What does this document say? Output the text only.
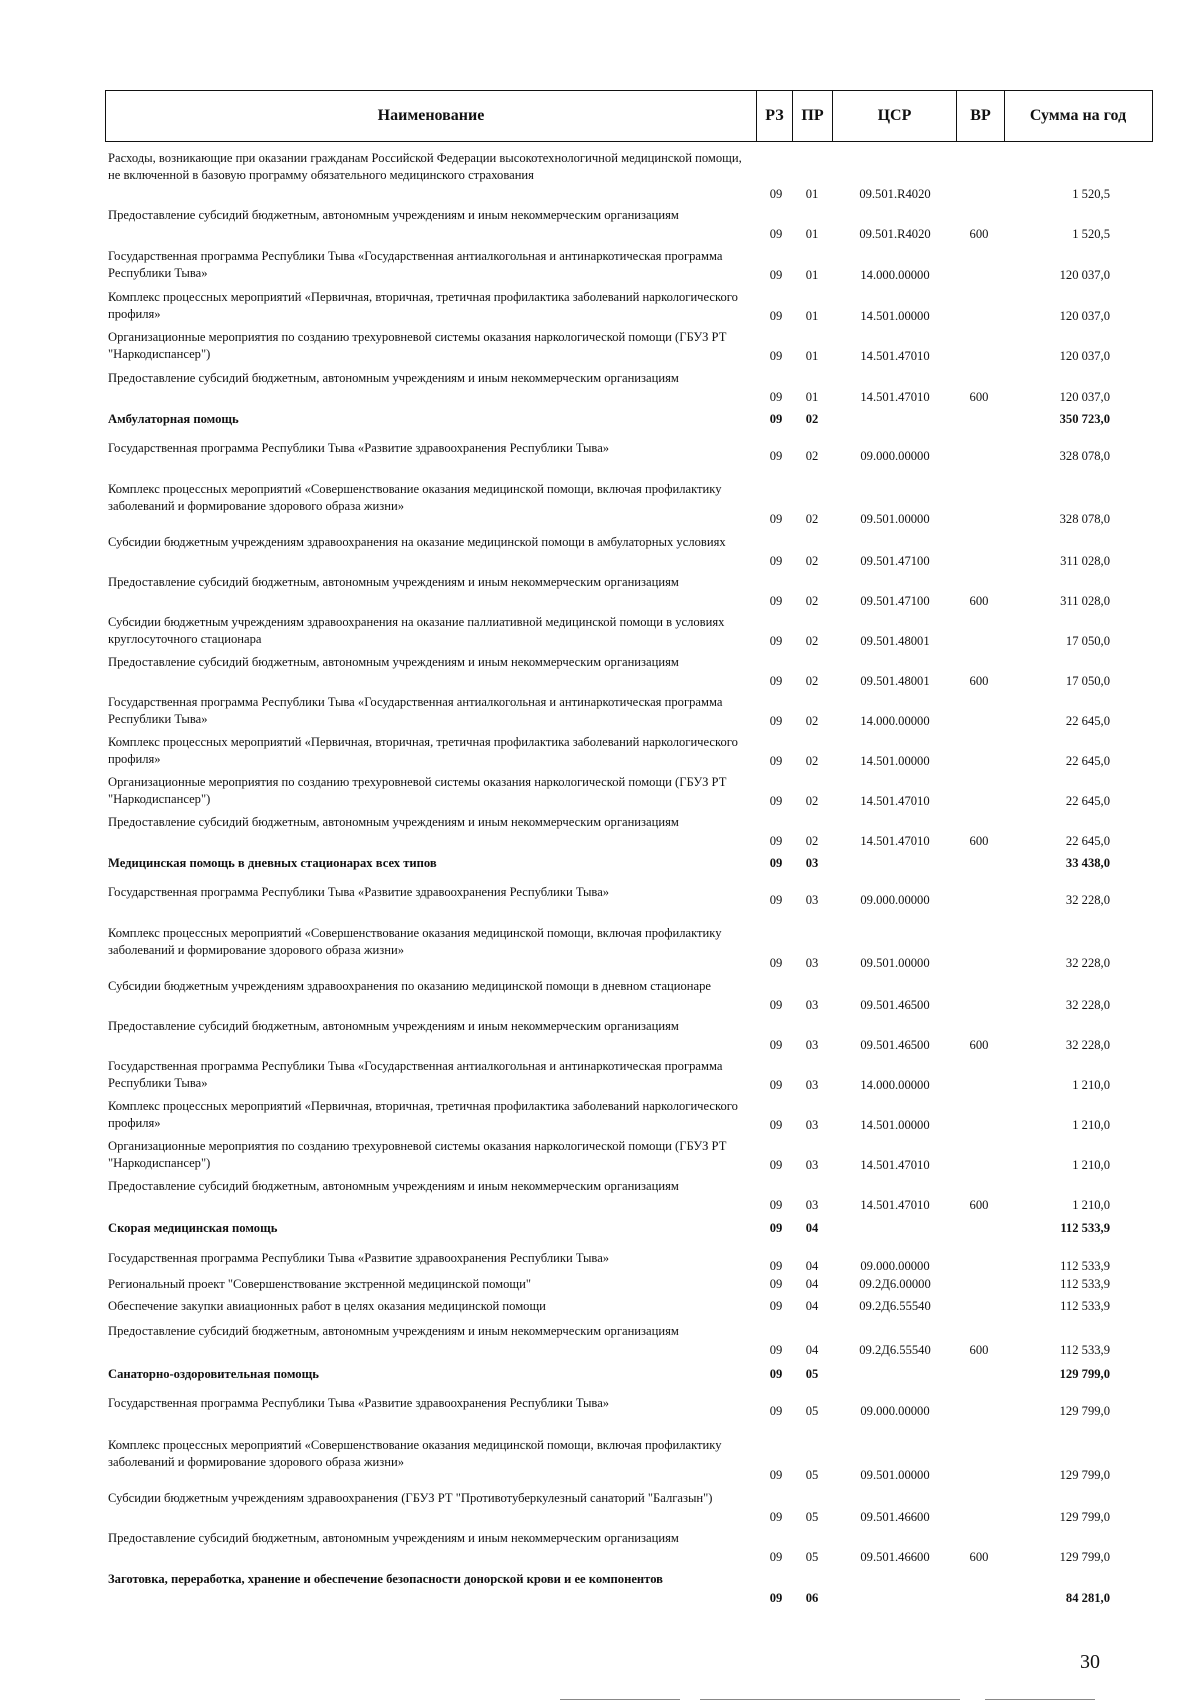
Наименование	РЗ	ПР	ЦСР	ВР	Сумма на год
Расходы, возникающие при оказании гражданам Российской Федерации высокотехнологичной медицинской помощи, не включенной в базовую программу обязательного медицинского страхования
09	01	09.501.R4020	1 520,5
Предоставление субсидий бюджетным, автономным учреждениям и иным некоммерческим организациям
09	01	09.501.R4020	600	1 520,5
Государственная программа Республики Тыва «Государственная антиалкогольная и антинаркотическая программа Республики Тыва»	09	01	14.000.00000	120 037,0
Комплекс процессных мероприятий «Первичная, вторичная, третичная профилактика заболеваний наркологического профиля»	09	01	14.501.00000	120 037,0
Организационные мероприятия по созданию трехуровневой системы оказания наркологической помощи (ГБУЗ РТ "Наркодиспансер")	09	01	14.501.47010	120 037,0
Предоставление субсидий бюджетным, автономным учреждениям и иным некоммерческим организациям
09	01	14.501.47010	600	120 037,0
Амбулаторная помощь	09	02	350 723,0
Государственная программа Республики Тыва «Развитие здравоохранения Республики Тыва»
09	02	09.000.00000	328 078,0
Комплекс процессных мероприятий «Совершенствование оказания медицинской помощи, включая профилактику заболеваний и формирование здорового образа жизни»
09	02	09.501.00000	328 078,0
Субсидии бюджетным учреждениям здравоохранения на оказание медицинской помощи в амбулаторных условиях
09	02	09.501.47100	311 028,0
Предоставление субсидий бюджетным, автономным учреждениям и иным некоммерческим организациям
09	02	09.501.47100	600	311 028,0
Субсидии бюджетным учреждениям здравоохранения на оказание паллиативной медицинской помощи в условиях круглосуточного стационара	09	02	09.501.48001	17 050,0
Предоставление субсидий бюджетным, автономным учреждениям и иным некоммерческим организациям
09	02	09.501.48001	600	17 050,0
Государственная программа Республики Тыва «Государственная антиалкогольная и антинаркотическая программа Республики Тыва»	09	02	14.000.00000	22 645,0
Комплекс процессных мероприятий «Первичная, вторичная, третичная профилактика заболеваний наркологического профиля»	09	02	14.501.00000	22 645,0
Организационные мероприятия по созданию трехуровневой системы оказания наркологической помощи (ГБУЗ РТ "Наркодиспансер")	09	02	14.501.47010	22 645,0
Предоставление субсидий бюджетным, автономным учреждениям и иным некоммерческим организациям
09	02	14.501.47010	600	22 645,0
Медицинская помощь в дневных стационарах всех типов	09	03	33 438,0
Государственная программа Республики Тыва «Развитие здравоохранения Республики Тыва»
09	03	09.000.00000	32 228,0
Комплекс процессных мероприятий «Совершенствование оказания медицинской помощи, включая профилактику заболеваний и формирование здорового образа жизни»
09	03	09.501.00000	32 228,0
Субсидии бюджетным учреждениям здравоохранения по оказанию медицинской помощи в дневном стационаре
09	03	09.501.46500	32 228,0
Предоставление субсидий бюджетным, автономным учреждениям и иным некоммерческим организациям
09	03	09.501.46500	600	32 228,0
Государственная программа Республики Тыва «Государственная антиалкогольная и антинаркотическая программа Республики Тыва»	09	03	14.000.00000	1 210,0
Комплекс процессных мероприятий «Первичная, вторичная, третичная профилактика заболеваний наркологического профиля»	09	03	14.501.00000	1 210,0
Организационные мероприятия по созданию трехуровневой системы оказания наркологической помощи (ГБУЗ РТ "Наркодиспансер")	09	03	14.501.47010	1 210,0
Предоставление субсидий бюджетным, автономным учреждениям и иным некоммерческим организациям
09	03	14.501.47010	600	1 210,0
Скорая медицинская помощь	09	04	112 533,9
Государственная программа Республики Тыва «Развитие здравоохранения Республики Тыва»
09	04	09.000.00000	112 533,9
Региональный проект "Совершенствование экстренной медицинской помощи"	09	04	09.2Д6.00000	112 533,9
Обеспечение закупки авиационных работ в целях оказания медицинской помощи	09	04	09.2Д6.55540	112 533,9
Предоставление субсидий бюджетным, автономным учреждениям и иным некоммерческим организациям
09	04	09.2Д6.55540	600	112 533,9
Санаторно-оздоровительная помощь	09	05	129 799,0
Государственная программа Республики Тыва «Развитие здравоохранения Республики Тыва»
09	05	09.000.00000	129 799,0
Комплекс процессных мероприятий «Совершенствование оказания медицинской помощи, включая профилактику заболеваний и формирование здорового образа жизни»
09	05	09.501.00000	129 799,0
Субсидии бюджетным учреждениям здравоохранения (ГБУЗ РТ "Противотуберкулезный санаторий "Балгазын")
09	05	09.501.46600	129 799,0
Предоставление субсидий бюджетным, автономным учреждениям и иным некоммерческим организациям
09	05	09.501.46600	600	129 799,0
Заготовка, переработка, хранение и обеспечение безопасности донорской крови и ее компонентов
09	06	84 281,0
30
